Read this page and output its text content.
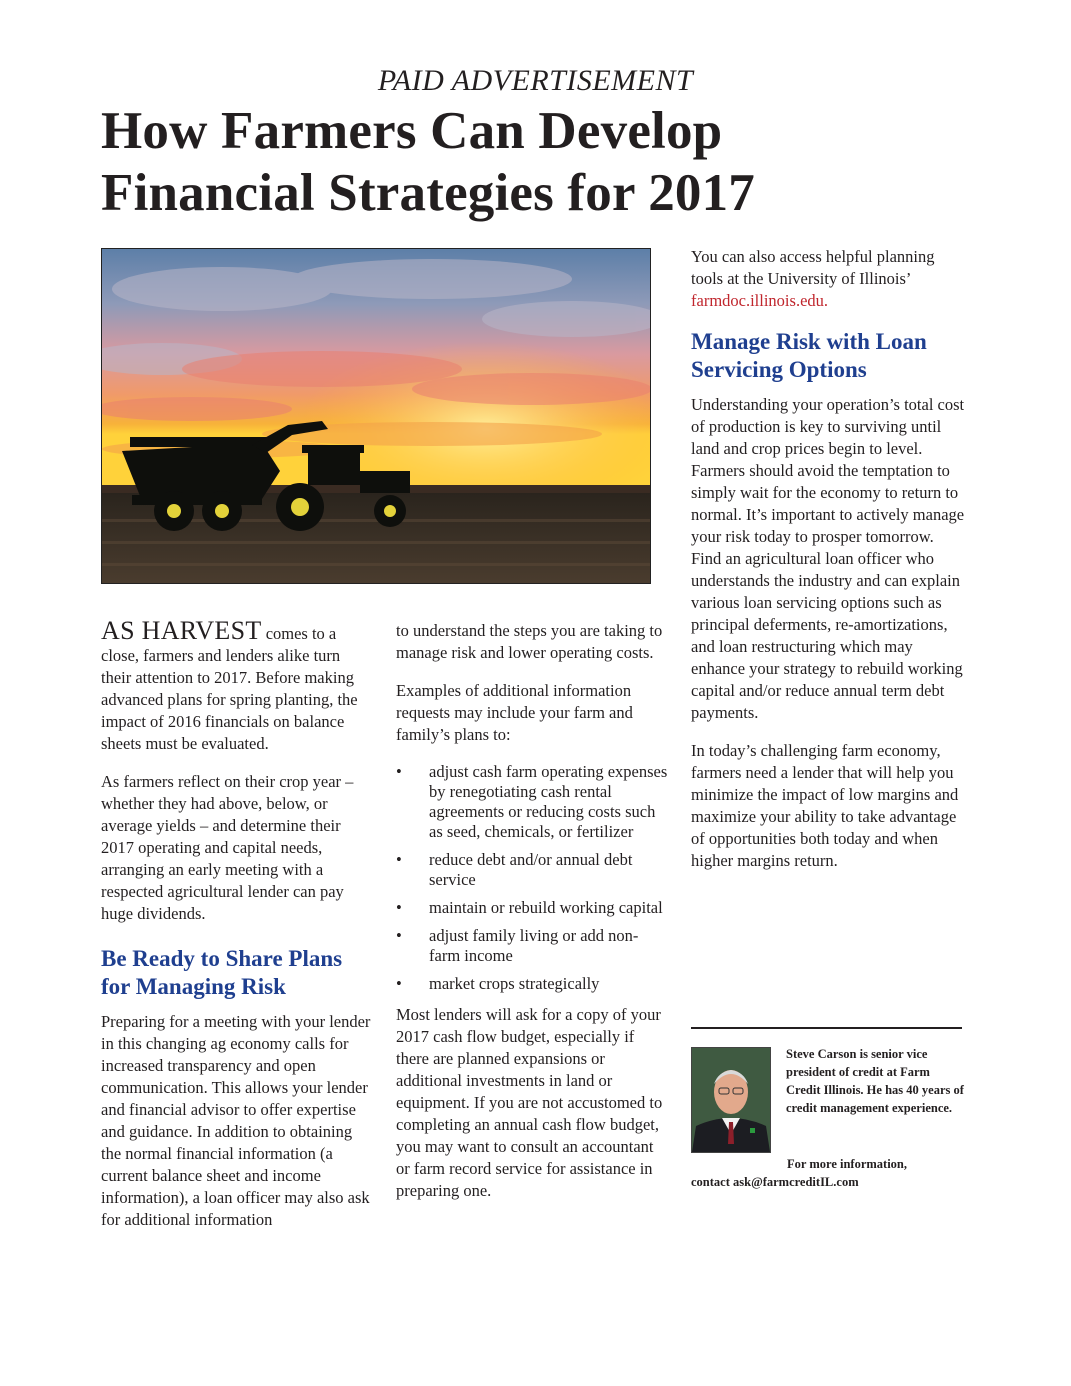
PAID ADVERTISEMENT
How Farmers Can Develop
Financial Strategies for 2017

AS HARVEST comes to a close, farmers and lenders alike turn their attention to 2017. Before making advanced plans for spring planting, the impact of 2016 financials on balance sheets must be evaluated.

As farmers reflect on their crop year – whether they had above, below, or average yields – and determine their 2017 operating and capital needs, arranging an early meeting with a respected agricultural lender can pay huge dividends.

Be Ready to Share Plans for Managing Risk

Preparing for a meeting with your lender in this changing ag economy calls for increased transparency and open communication. This allows your lender and financial advisor to offer expertise and guidance. In addition to obtaining the normal financial information (a current balance sheet and income information), a loan officer may also ask for additional information

to understand the steps you are taking to manage risk and lower operating costs.

Examples of additional information requests may include your farm and family’s plans to:

• adjust cash farm operating expenses by renegotiating cash rental agreements or reducing costs such as seed, chemicals, or fertilizer
• reduce debt and/or annual debt service
• maintain or rebuild working capital
• adjust family living or add non-farm income
• market crops strategically

Most lenders will ask for a copy of your 2017 cash flow budget, especially if there are planned expansions or additional investments in land or equipment. If you are not accustomed to completing an annual cash flow budget, you may want to consult an accountant or farm record service for assistance in preparing one.

You can also access helpful planning tools at the University of Illinois’ farmdoc.illinois.edu.

Manage Risk with Loan Servicing Options

Understanding your operation’s total cost of production is key to surviving until land and crop prices begin to level. Farmers should avoid the temptation to simply wait for the economy to return to normal. It’s important to actively manage your risk today to prosper tomorrow. Find an agricultural loan officer who understands the industry and can explain various loan servicing options such as principal deferments, re-amortizations, and loan restructuring which may enhance your strategy to rebuild working capital and/or reduce annual term debt payments.

In today’s challenging farm economy, farmers need a lender that will help you minimize the impact of low margins and maximize your ability to take advantage of opportunities both today and when higher margins return.

Steve Carson is senior vice president of credit at Farm Credit Illinois. He has 40 years of credit management experience.
For more information,
contact ask@farmcreditIL.com
